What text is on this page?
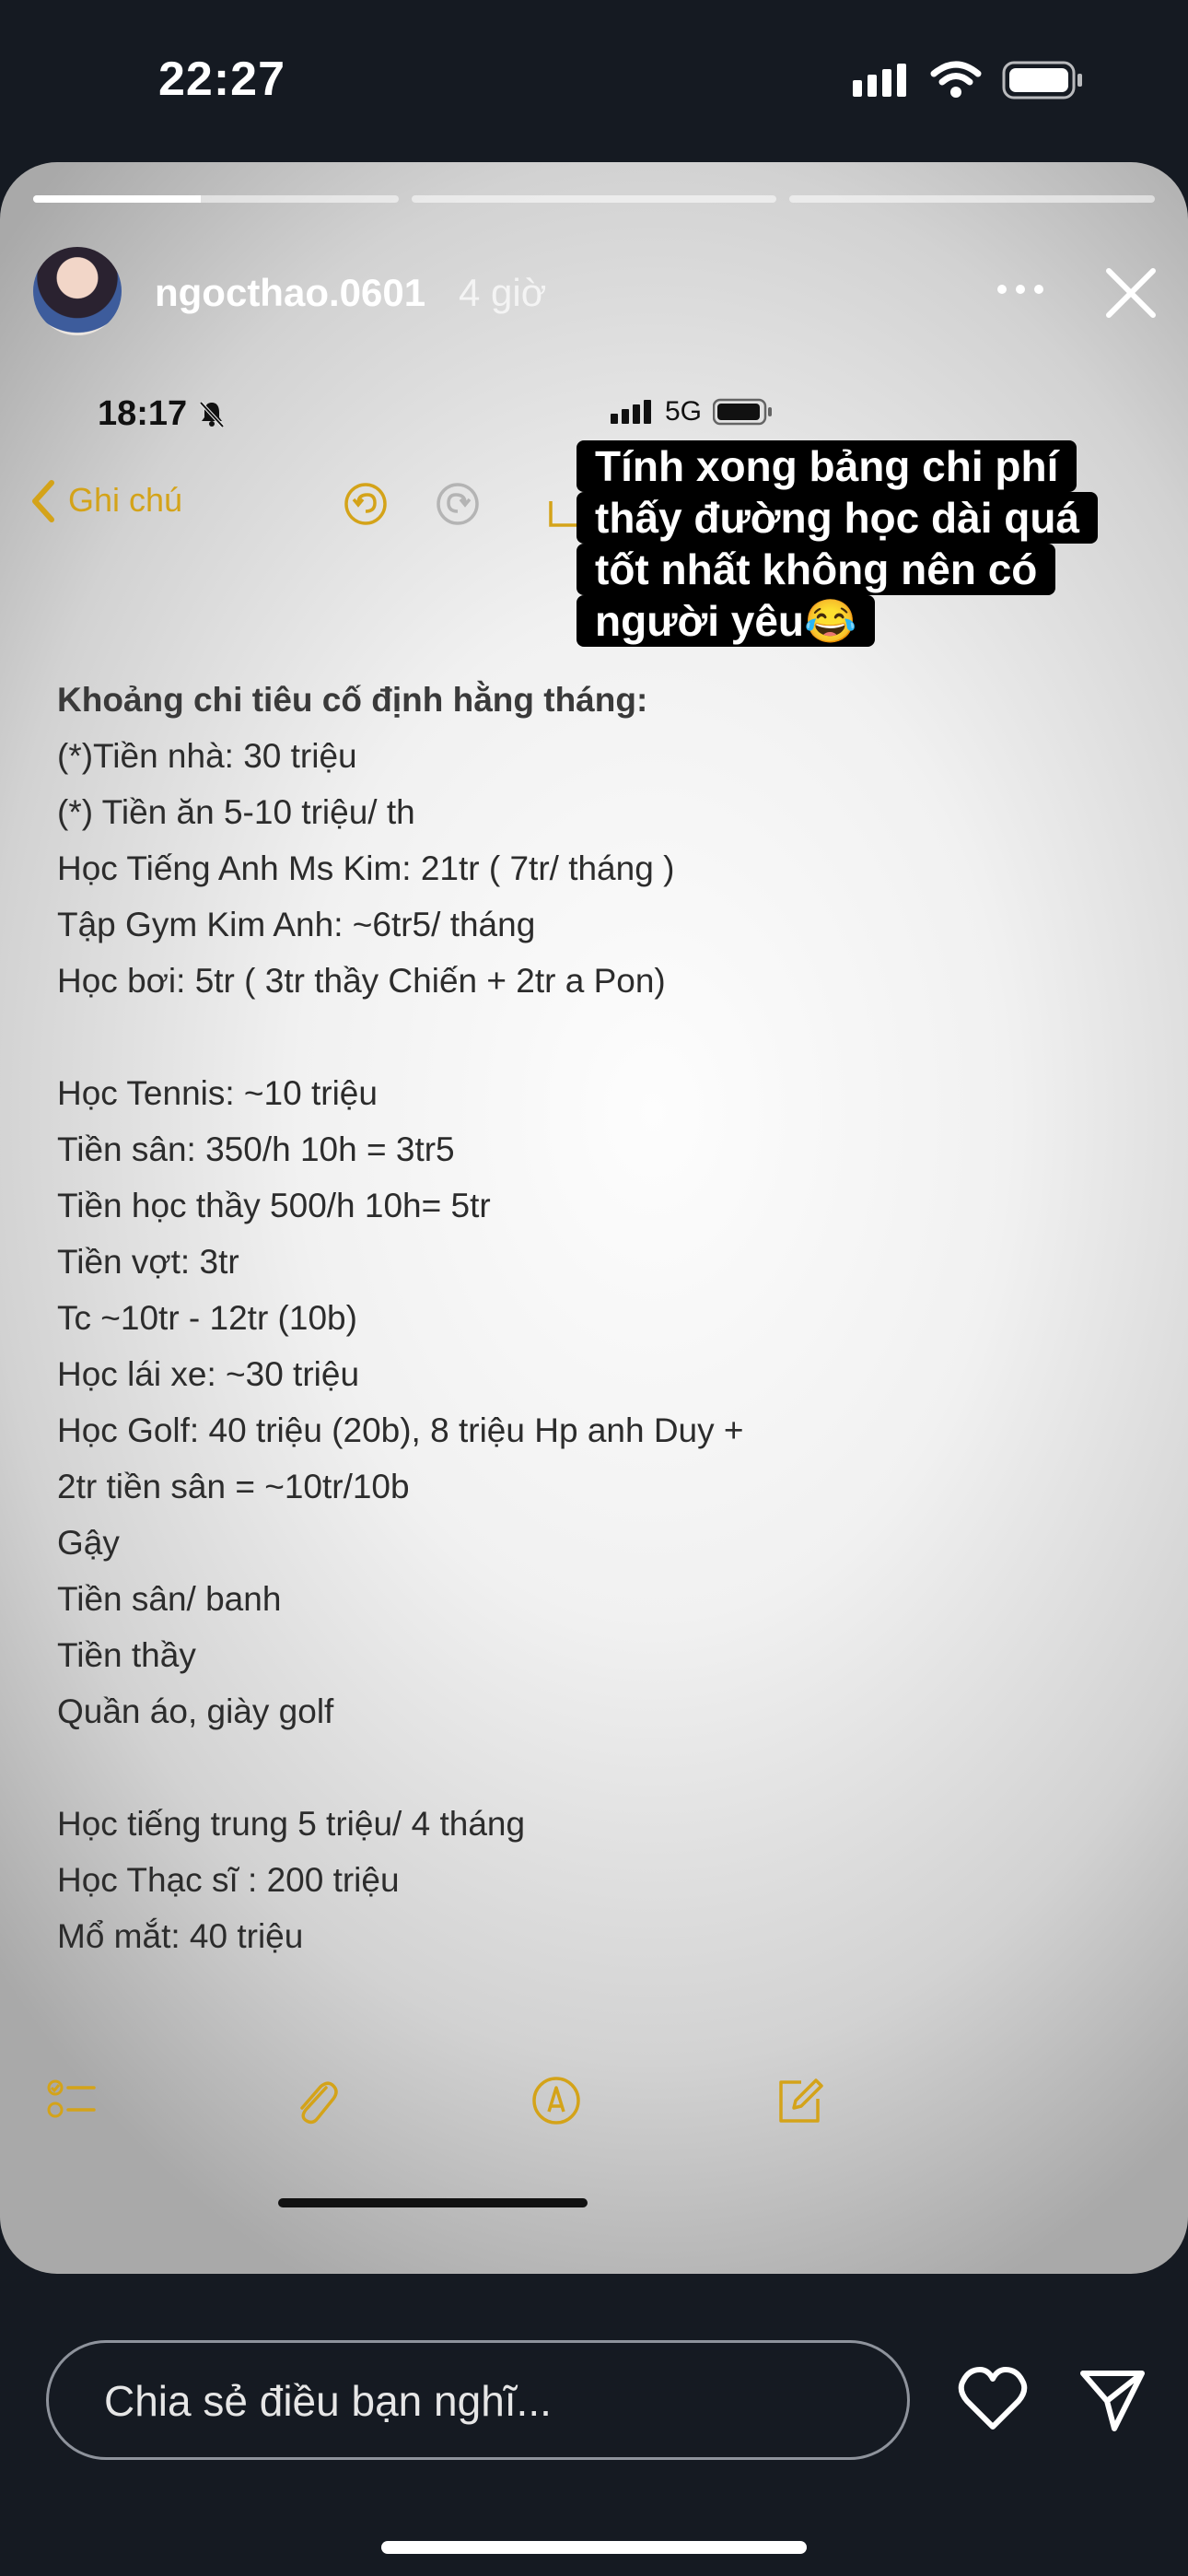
22:27
ngocthao.0601 4 giờ
18:17	5G
Ghi chú
Tính xong bảng chi phí
thấy đường học dài quá
tốt nhất không nên có
người yêu😂
Khoảng chi tiêu cố định hằng tháng:
(*)Tiền nhà: 30 triệu
(*) Tiền ăn 5-10 triệu/ th
Học Tiếng Anh Ms Kim: 21tr ( 7tr/ tháng )
Tập Gym Kim Anh: ~6tr5/ tháng
Học bơi: 5tr ( 3tr thầy Chiến + 2tr a Pon)
Học Tennis: ~10 triệu
Tiền sân: 350/h 10h = 3tr5
Tiền học thầy 500/h 10h= 5tr
Tiền vợt: 3tr
Tc ~10tr - 12tr (10b)
Học lái xe: ~30 triệu
Học Golf: 40 triệu (20b), 8 triệu Hp anh Duy +
2tr tiền sân = ~10tr/10b
Gậy
Tiền sân/ banh
Tiền thầy
Quần áo, giày golf
Học tiếng trung 5 triệu/ 4 tháng
Học Thạc sĩ : 200 triệu
Mổ mắt: 40 triệu
Chia sẻ điều bạn nghĩ...
